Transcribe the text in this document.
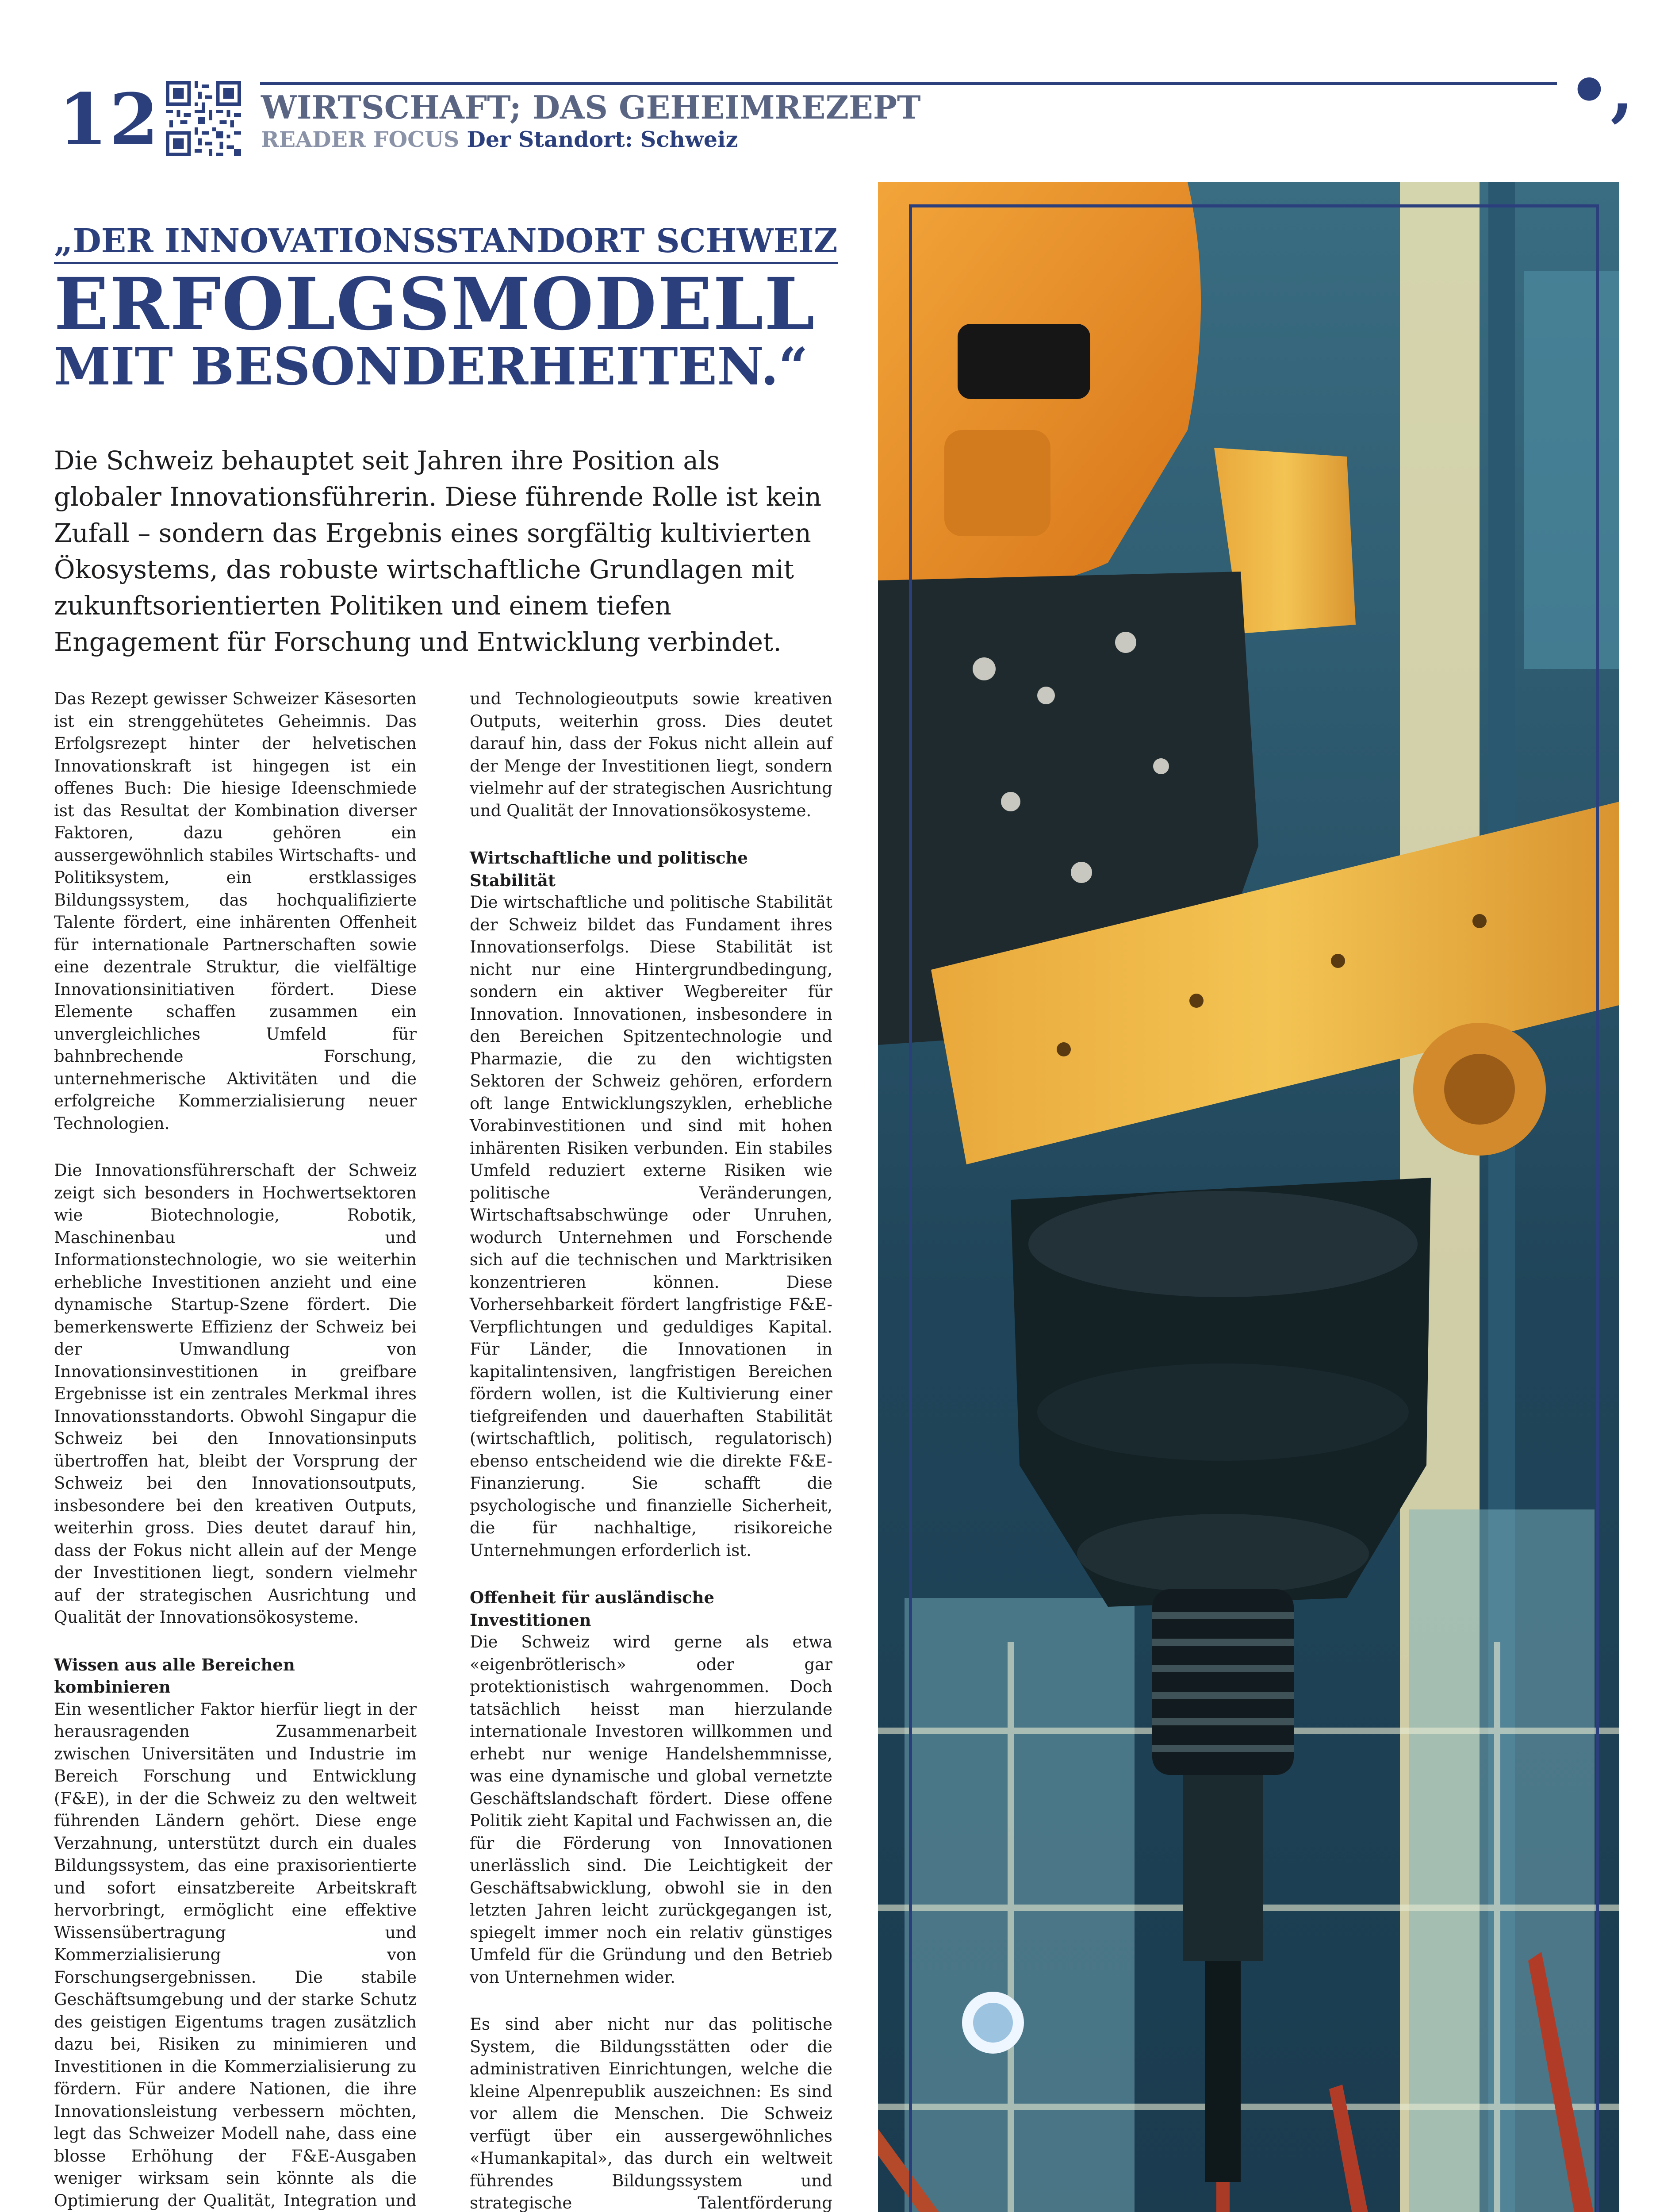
12	•,
WIRTSCHAFT; DAS GEHEIMREZEPT
READER FOCUS Der Standort: Schweiz
„DER INNOVATIONSSTANDORT SCHWEIZ
ERFOLGSMODELL
MIT BESONDERHEITEN.“

Die Schweiz behauptet seit Jahren ihre Position als globaler Innovationsführerin. Diese führende Rolle ist kein Zufall – sondern das Ergebnis eines sorgfältig kultivierten Ökosystems, das robuste wirtschaftliche Grundlagen mit zukunftsorientierten Politiken und einem tiefen Engagement für Forschung und Entwicklung verbindet.

Das Rezept gewisser Schweizer Käsesorten ist ein strenggehütetes Geheimnis. Das Erfolgsrezept hinter der helvetischen Innovationskraft ist hingegen ist ein offenes Buch: Die hiesige Ideenschmiede ist das Resultat der Kombination diverser Faktoren, dazu gehören ein aussergewöhnlich stabiles Wirtschafts- und Politiksystem, ein erstklassiges Bildungssystem, das hochqualifizierte Talente fördert, eine inhärenten Offenheit für internationale Partnerschaften sowie eine dezentrale Struktur, die vielfältige Innovationsinitiativen fördert. Diese Elemente schaffen zusammen ein unvergleichliches Umfeld für bahnbrechende Forschung, unternehmerische Aktivitäten und die erfolgreiche Kommerzialisierung neuer Technologien.

Die Innovationsführerschaft der Schweiz zeigt sich besonders in Hochwertsektoren wie Biotechnologie, Robotik, Maschinenbau und Informationstechnologie, wo sie weiterhin erhebliche Investitionen anzieht und eine dynamische Startup-Szene fördert. Die bemerkenswerte Effizienz der Schweiz bei der Umwandlung von Innovationsinvestitionen in greifbare Ergebnisse ist ein zentrales Merkmal ihres Innovationsstandorts. Obwohl Singapur die Schweiz bei den Innovationsinputs übertroffen hat, bleibt der Vorsprung der Schweiz bei den Innovationsoutputs, insbesondere bei den kreativen Outputs, weiterhin gross. Dies deutet darauf hin, dass der Fokus nicht allein auf der Menge der Investitionen liegt, sondern vielmehr auf der strategischen Ausrichtung und Qualität der Innovationsökosysteme.

Wissen aus alle Bereichen kombinieren

Ein wesentlicher Faktor hierfür liegt in der herausragenden Zusammenarbeit zwischen Universitäten und Industrie im Bereich Forschung und Entwicklung (F&E), in der die Schweiz zu den weltweit führenden Ländern gehört. Diese enge Verzahnung, unterstützt durch ein duales Bildungssystem, das eine praxisorientierte und sofort einsatzbereite Arbeitskraft hervorbringt, ermöglicht eine effektive Wissensübertragung und Kommerzialisierung von Forschungsergebnissen. Die stabile Geschäftsumgebung und der starke Schutz des geistigen Eigentums tragen zusätzlich dazu bei, Risiken zu minimieren und Investitionen in die Kommerzialisierung zu fördern. Für andere Nationen, die ihre Innovationsleistung verbessern möchten, legt das Schweizer Modell nahe, dass eine blosse Erhöhung der F&E-Ausgaben weniger wirksam sein könnte als die Optimierung der Qualität, Integration und

und Technologieoutputs sowie kreativen Outputs, weiterhin gross. Dies deutet darauf hin, dass der Fokus nicht allein auf der Menge der Investitionen liegt, sondern vielmehr auf der strategischen Ausrichtung und Qualität der Innovationsökosysteme.

Wirtschaftliche und politische Stabilität

Die wirtschaftliche und politische Stabilität der Schweiz bildet das Fundament ihres Innovationserfolgs. Diese Stabilität ist nicht nur eine Hintergrundbedingung, sondern ein aktiver Wegbereiter für Innovation. Innovationen, insbesondere in den Bereichen Spitzentechnologie und Pharmazie, die zu den wichtigsten Sektoren der Schweiz gehören, erfordern oft lange Entwicklungszyklen, erhebliche Vorabinvestitionen und sind mit hohen inhärenten Risiken verbunden. Ein stabiles Umfeld reduziert externe Risiken wie politische Veränderungen, Wirtschaftsabschwünge oder Unruhen, wodurch Unternehmen und Forschende sich auf die technischen und Marktrisiken konzentrieren können. Diese Vorhersehbarkeit fördert langfristige F&E-Verpflichtungen und geduldiges Kapital. Für Länder, die Innovationen in kapitalintensiven, langfristigen Bereichen fördern wollen, ist die Kultivierung einer tiefgreifenden und dauerhaften Stabilität (wirtschaftlich, politisch, regulatorisch) ebenso entscheidend wie die direkte F&E-Finanzierung. Sie schafft die psychologische und finanzielle Sicherheit, die für nachhaltige, risikoreiche Unternehmungen erforderlich ist.

Offenheit für ausländische Investitionen

Die Schweiz wird gerne als etwa «eigenbrötlerisch» oder gar protektionistisch wahrgenommen. Doch tatsächlich heisst man hierzulande internationale Investoren willkommen und erhebt nur wenige Handelshemmnisse, was eine dynamische und global vernetzte Geschäftslandschaft fördert. Diese offene Politik zieht Kapital und Fachwissen an, die für die Förderung von Innovationen unerlässlich sind. Die Leichtigkeit der Geschäftsabwicklung, obwohl sie in den letzten Jahren leicht zurückgegangen ist, spiegelt immer noch ein relativ günstiges Umfeld für die Gründung und den Betrieb von Unternehmen wider.

Es sind aber nicht nur das politische System, die Bildungsstätten oder die administrativen Einrichtungen, welche die kleine Alpenrepublik auszeichnen: Es sind vor allem die Menschen. Die Schweiz verfügt über ein aussergewöhnliches «Humankapital», das durch ein weltweit führendes Bildungssystem und strategische Talentförderung
